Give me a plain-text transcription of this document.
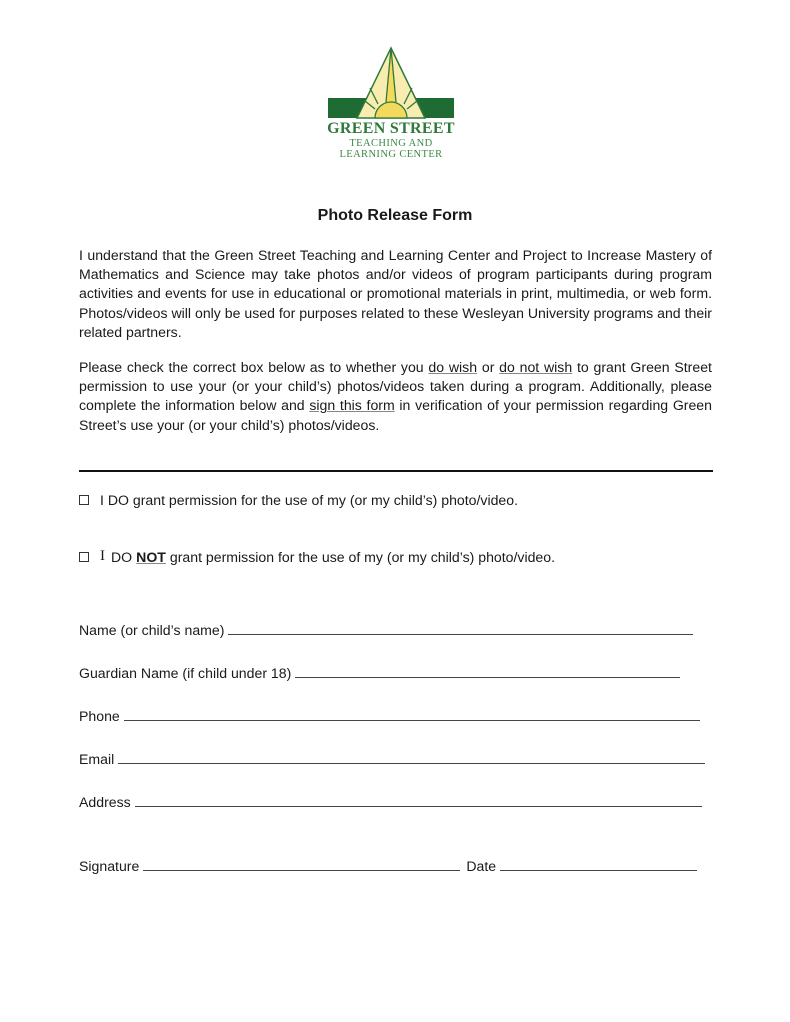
GREEN STREET
TEACHING AND
LEARNING CENTER
Photo Release Form
I understand that the Green Street Teaching and Learning Center and Project to Increase Mastery of Mathematics and Science may take photos and/or videos of program participants during program activities and events for use in educational or promotional materials in print, multimedia, or web form. Photos/videos will only be used for purposes related to these Wesleyan University programs and their related partners.
Please check the correct box below as to whether you do wish or do not wish to grant Green Street permission to use your (or your child’s) photos/videos taken during a program. Additionally, please complete the information below and sign this form in verification of your permission regarding Green Street’s use your (or your child’s) photos/videos.
I DO grant permission for the use of my (or my child’s) photo/video.
I DO NOT grant permission for the use of my (or my child’s) photo/video.
Name (or child’s name)
Guardian Name (if child under 18)
Phone
Email
Address
Signature	Date
